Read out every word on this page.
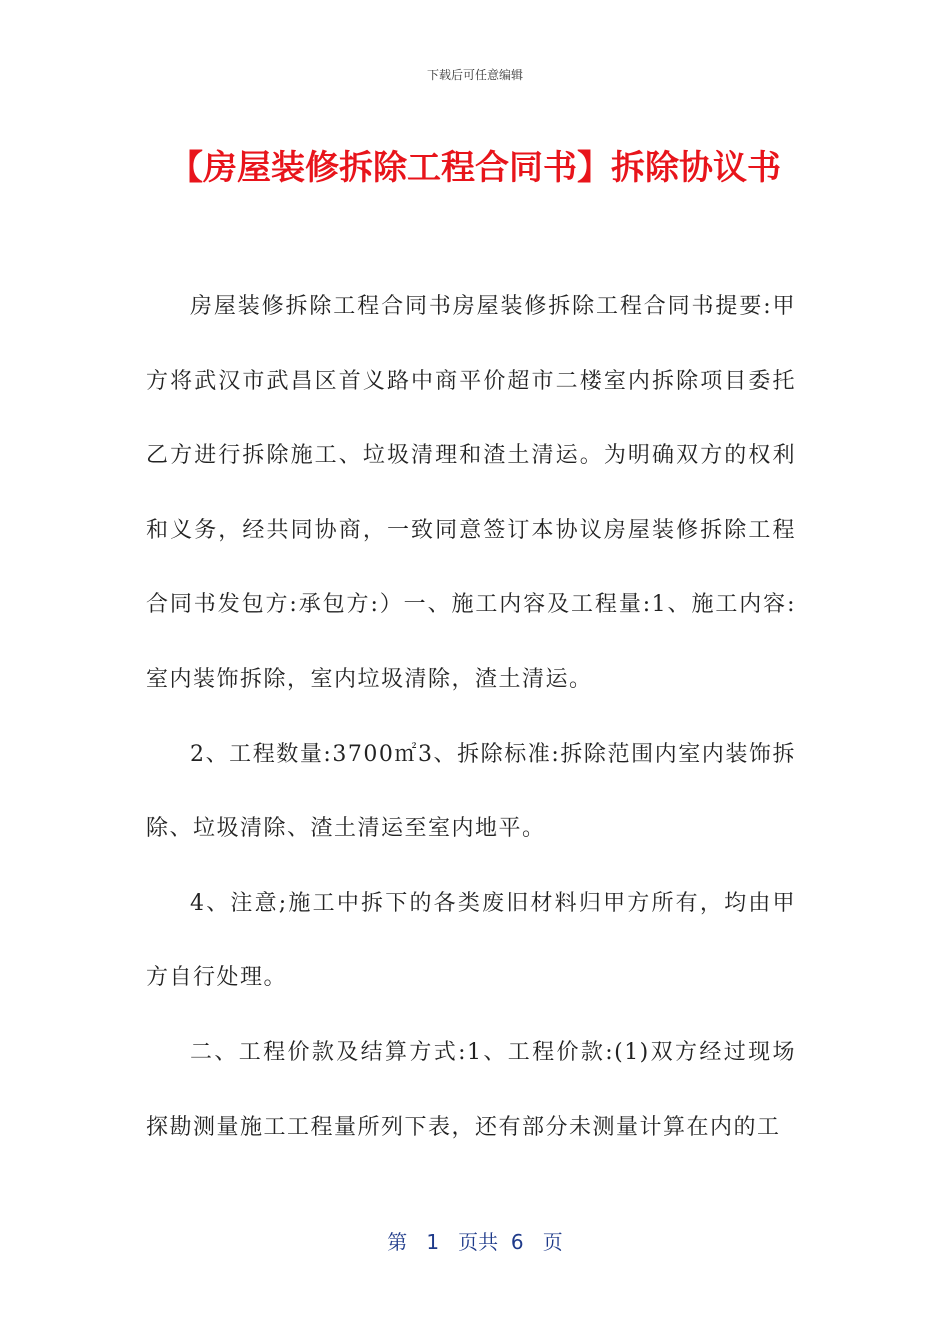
下载后可任意编辑
【房屋装修拆除工程合同书】拆除协议书

房屋装修拆除工程合同书房屋装修拆除工程合同书提要:甲方将武汉市武昌区首义路中商平价超市二楼室内拆除项目委托乙方进行拆除施工、垃圾清理和渣土清运。为明确双方的权利和义务，经共同协商，一致同意签订本协议房屋装修拆除工程合同书发包方:承包方:）一、施工内容及工程量:1、施工内容:室内装饰拆除，室内垃圾清除，渣土清运。

2、工程数量:3700㎡3、拆除标准:拆除范围内室内装饰拆除、垃圾清除、渣土清运至室内地平。

4、注意;施工中拆下的各类废旧材料归甲方所有，均由甲方自行处理。

二、工程价款及结算方式:1、工程价款:(1)双方经过现场探勘测量施工工程量所列下表，还有部分未测量计算在内的工

第 1 页共 6 页
